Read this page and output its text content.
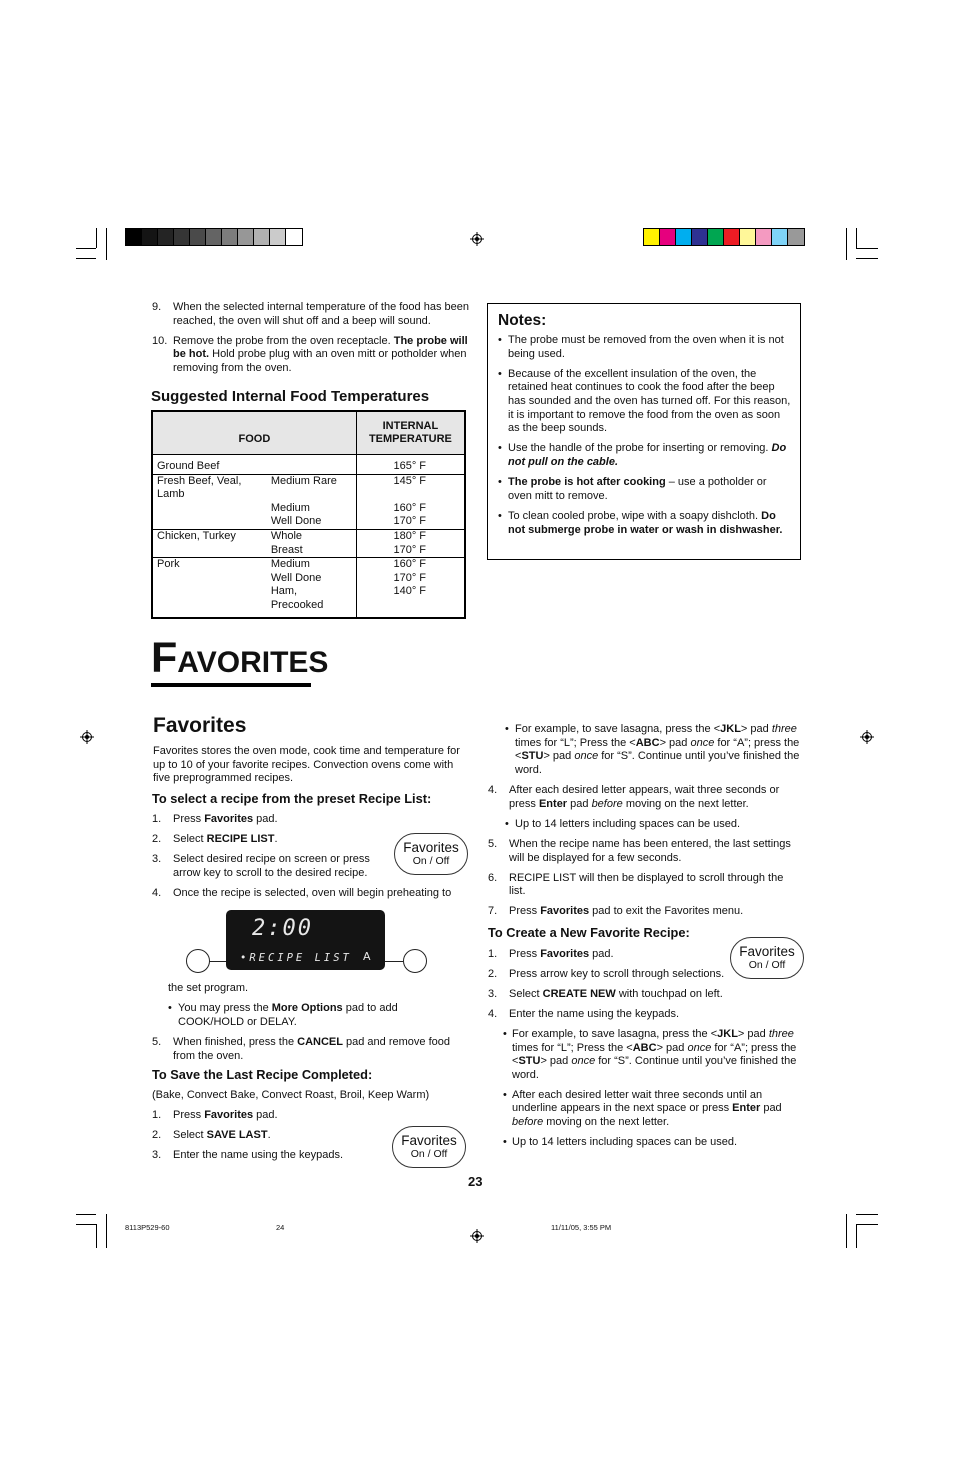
9. When the selected internal temperature of the food has been reached, the oven will shut off and a beep will sound.
10. Remove the probe from the oven receptacle. The probe will be hot. Hold probe plug with an oven mitt or potholder when removing from the oven.
Suggested Internal Food Temperatures
FOOD		INTERNAL
TEMPERATURE
Ground Beef		165° F
Fresh Beef, Veal, Lamb	Medium Rare	145° F
	Medium	160° F
	Well Done	170° F
Chicken, Turkey	Whole	180° F
	Breast	170° F
Pork	Medium	160° F
	Well Done	170° F
	Ham, Precooked	140° F
Notes:
• The probe must be removed from the oven when it is not being used.
• Because of the excellent insulation of the oven, the retained heat continues to cook the food after the beep has sounded and the oven has turned off. For this reason, it is important to remove the food from the oven as soon as the beep sounds.
• Use the handle of the probe for inserting or removing. Do not pull on the cable.
• The probe is hot after cooking – use a potholder or oven mitt to remove.
• To clean cooled probe, wipe with a soapy dishcloth. Do not submerge probe in water or wash in dishwasher.
FAVORITES
Favorites
Favorites stores the oven mode, cook time and temperature for up to 10 of your favorite recipes. Convection ovens come with five preprogrammed recipes.
To select a recipe from the preset Recipe List:
1. Press Favorites pad.
2. Select RECIPE LIST.
3. Select desired recipe on screen or press arrow key to scroll to the desired recipe.
4. Once the recipe is selected, oven will begin preheating to
Favorites
On / Off
2:00
•RECIPE LIST A
the set program.
• You may press the More Options pad to add COOK/HOLD or DELAY.
5. When finished, press the CANCEL pad and remove food from the oven.
To Save the Last Recipe Completed:
(Bake, Convect Bake, Convect Roast, Broil, Keep Warm)
1. Press Favorites pad.
2. Select SAVE LAST.
3. Enter the name using the keypads.
Favorites
On / Off
• For example, to save lasagna, press the <JKL> pad three times for “L”; Press the <ABC> pad once for “A”; press the <STU> pad once for “S”. Continue until you’ve finished the word.
4. After each desired letter appears, wait three seconds or press Enter pad before moving on the next letter.
• Up to 14 letters including spaces can be used.
5. When the recipe name has been entered, the last settings will be displayed for a few seconds.
6. RECIPE LIST will then be displayed to scroll through the list.
7. Press Favorites pad to exit the Favorites menu.
To Create a New Favorite Recipe:
1. Press Favorites pad.
2. Press arrow key to scroll through selections.
3. Select CREATE NEW with touchpad on left.
4. Enter the name using the keypads.
Favorites
On / Off
• For example, to save lasagna, press the <JKL> pad three times for “L”; Press the <ABC> pad once for “A”; press the <STU> pad once for “S”. Continue until you’ve finished the word.
• After each desired letter wait three seconds until an underline appears in the next space or press Enter pad before moving on the next letter.
• Up to 14 letters including spaces can be used.
23
8113P529-60	24	11/11/05, 3:55 PM
